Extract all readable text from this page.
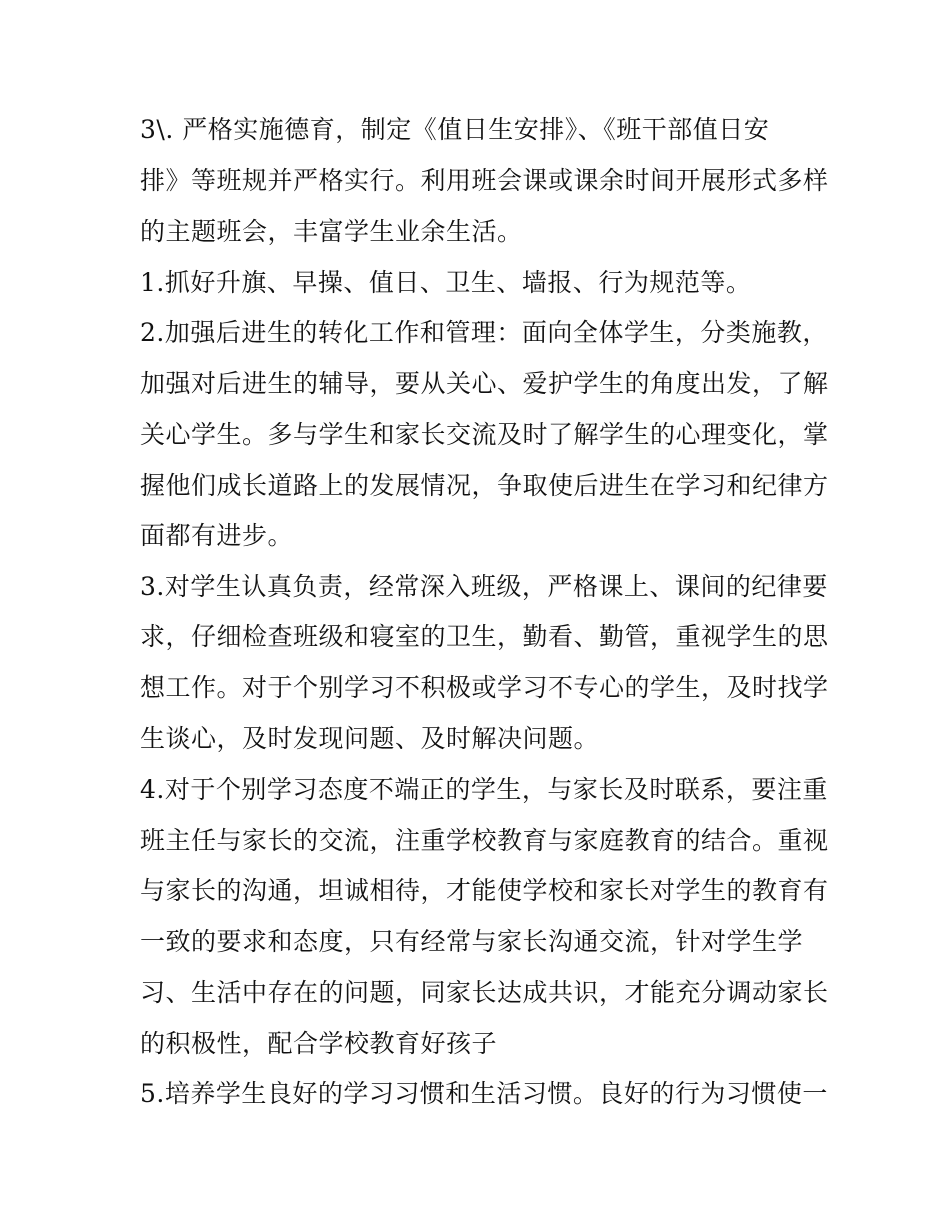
3\. 严格实施德育，制定《值日生安排》、《班干部值日安
排》等班规并严格实行。利用班会课或课余时间开展形式多样
的主题班会，丰富学生业余生活。
1.抓好升旗、早操、值日、卫生、墙报、行为规范等。
2.加强后进生的转化工作和管理：面向全体学生，分类施教，
加强对后进生的辅导，要从关心、爱护学生的角度出发，了解
关心学生。多与学生和家长交流及时了解学生的心理变化，掌
握他们成长道路上的发展情况，争取使后进生在学习和纪律方
面都有进步。
3.对学生认真负责，经常深入班级，严格课上、课间的纪律要
求，仔细检查班级和寝室的卫生，勤看、勤管，重视学生的思
想工作。对于个别学习不积极或学习不专心的学生，及时找学
生谈心，及时发现问题、及时解决问题。
4.对于个别学习态度不端正的学生，与家长及时联系，要注重
班主任与家长的交流，注重学校教育与家庭教育的结合。重视
与家长的沟通，坦诚相待，才能使学校和家长对学生的教育有
一致的要求和态度，只有经常与家长沟通交流，针对学生学
习、生活中存在的问题，同家长达成共识，才能充分调动家长
的积极性，配合学校教育好孩子
5.培养学生良好的学习习惯和生活习惯。良好的行为习惯使一
